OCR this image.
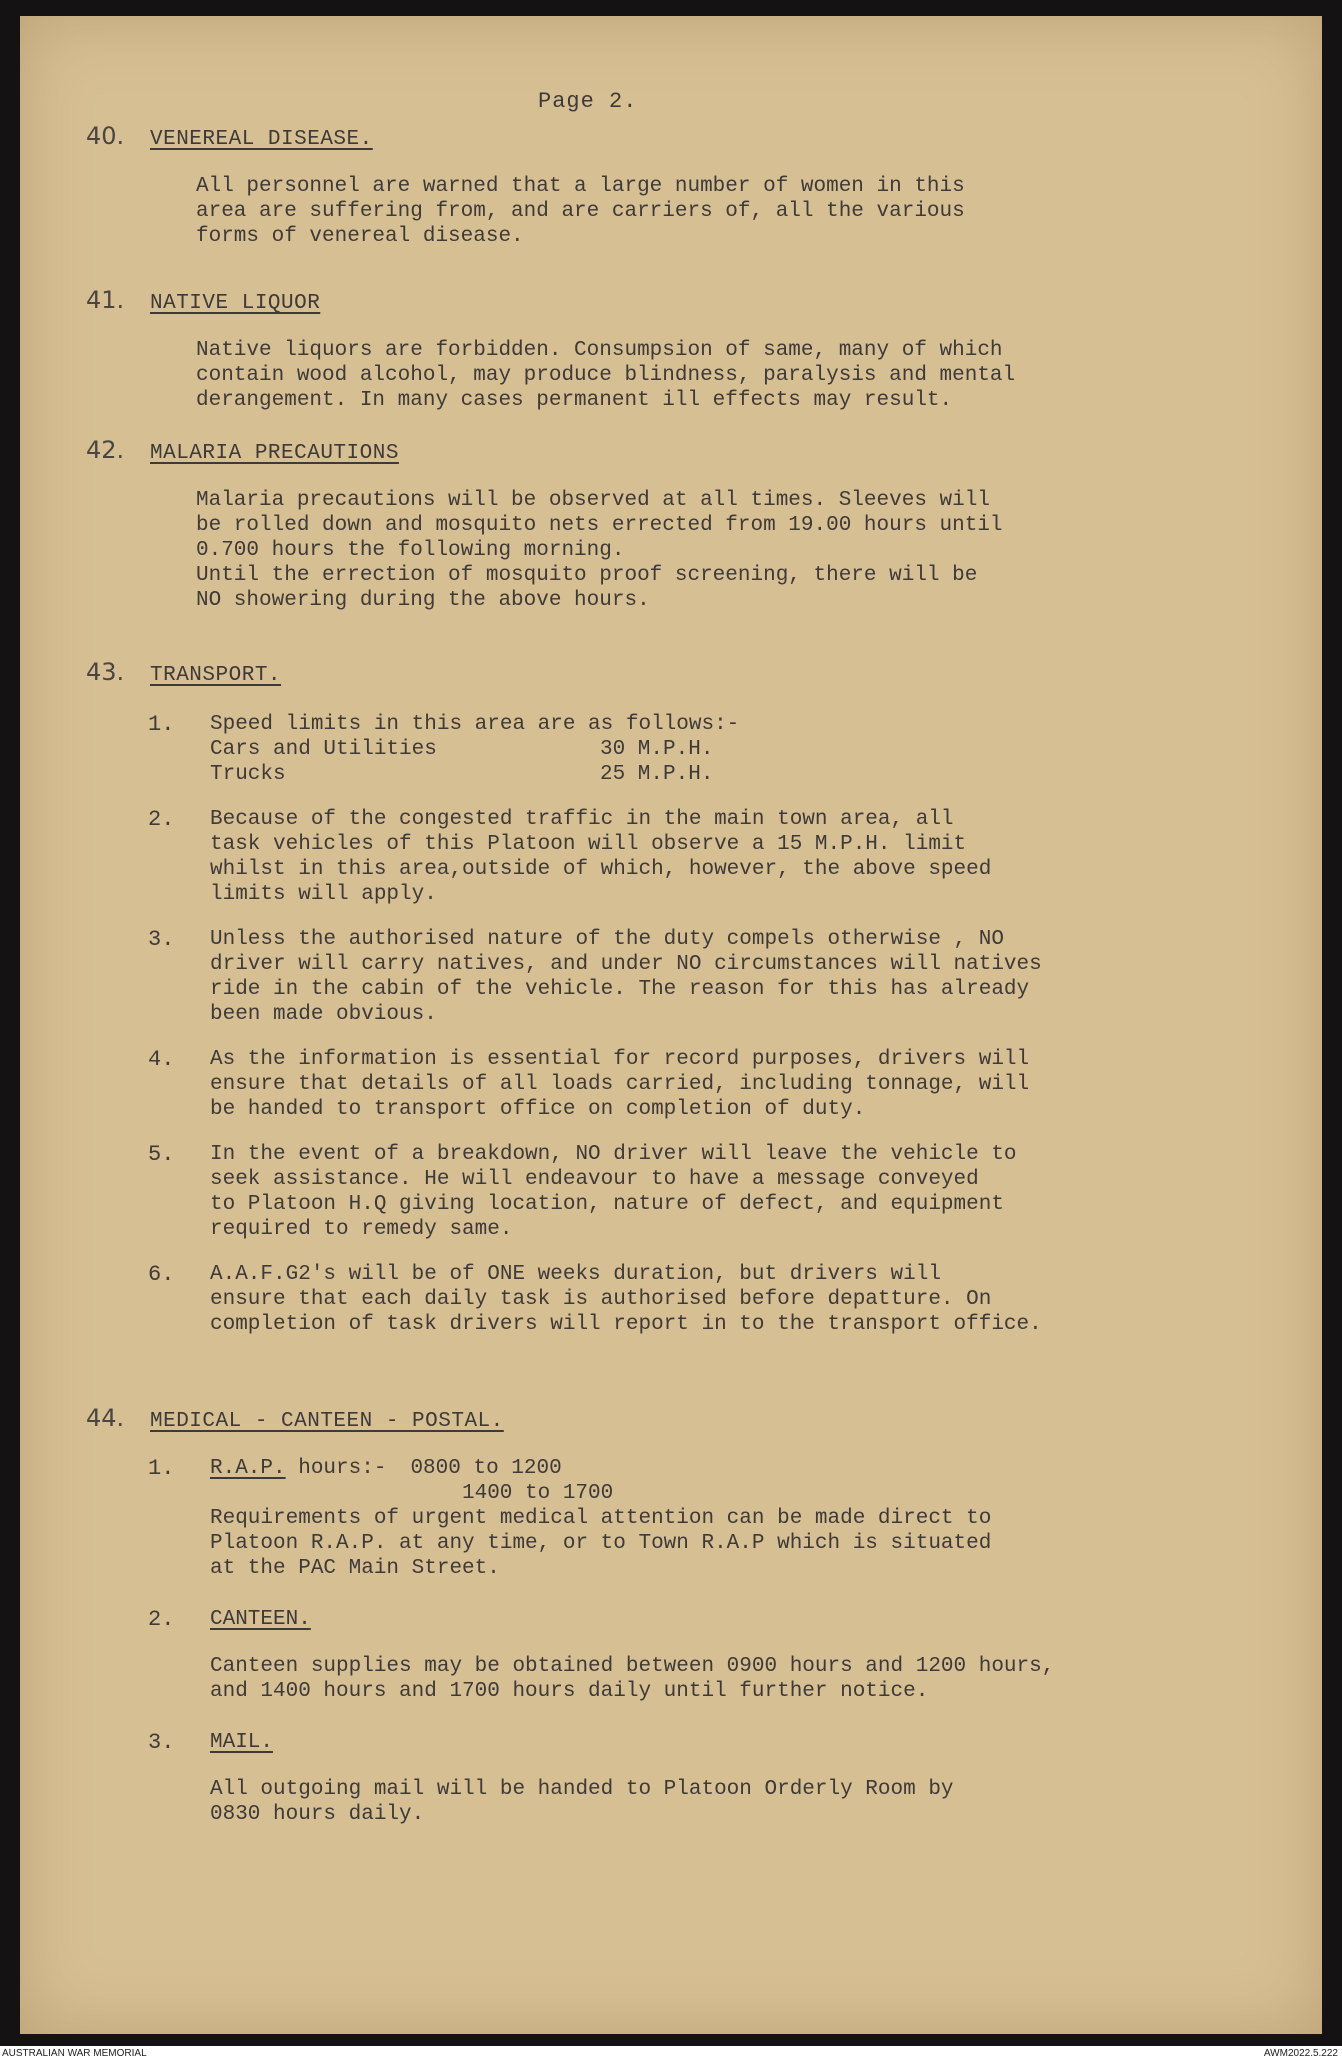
Page 2.
40.	VENEREAL DISEASE.
All personnel are warned that a large number of women in this
area are suffering from, and are carriers of, all the various
forms of venereal disease.
41.	NATIVE LIQUOR
Native liquors are forbidden. Consumpsion of same, many of which
contain wood alcohol, may produce blindness, paralysis and mental
derangement. In many cases permanent ill effects may result.
42.	MALARIA PRECAUTIONS
Malaria precautions will be observed at all times. Sleeves will
be rolled down and mosquito nets errected from 19.00 hours until
0.700 hours the following morning.
Until the errection of mosquito proof screening, there will be
NO showering during the above hours.
43.	TRANSPORT.
1.	Speed limits in this area are as follows:-
Cars and Utilities	30 M.P.H.
Trucks	25 M.P.H.
2.	Because of the congested traffic in the main town area, all
task vehicles of this Platoon will observe a 15 M.P.H. limit
whilst in this area,outside of which, however, the above speed
limits will apply.
3.	Unless the authorised nature of the duty compels otherwise , NO
driver will carry natives, and under NO circumstances will natives
ride in the cabin of the vehicle. The reason for this has already
been made obvious.
4.	As the information is essential for record purposes, drivers will
ensure that details of all loads carried, including tonnage, will
be handed to transport office on completion of duty.
5.	In the event of a breakdown, NO driver will leave the vehicle to
seek assistance. He will endeavour to have a message conveyed
to Platoon H.Q giving location, nature of defect, and equipment
required to remedy same.
6.	A.A.F.G2's will be of ONE weeks duration, but drivers will
ensure that each daily task is authorised before depatture. On
completion of task drivers will report in to the transport office.
44.	MEDICAL - CANTEEN - POSTAL.
1.	R.A.P. hours:- 0800 to 1200
1400 to 1700
Requirements of urgent medical attention can be made direct to
Platoon R.A.P. at any time, or to Town R.A.P which is situated
at the PAC Main Street.
2.	CANTEEN.
Canteen supplies may be obtained between 0900 hours and 1200 hours,
and 1400 hours and 1700 hours daily until further notice.
3.	MAIL.
All outgoing mail will be handed to Platoon Orderly Room by
0830 hours daily.
AUSTRALIAN WAR MEMORIAL	AWM2022.5.222
